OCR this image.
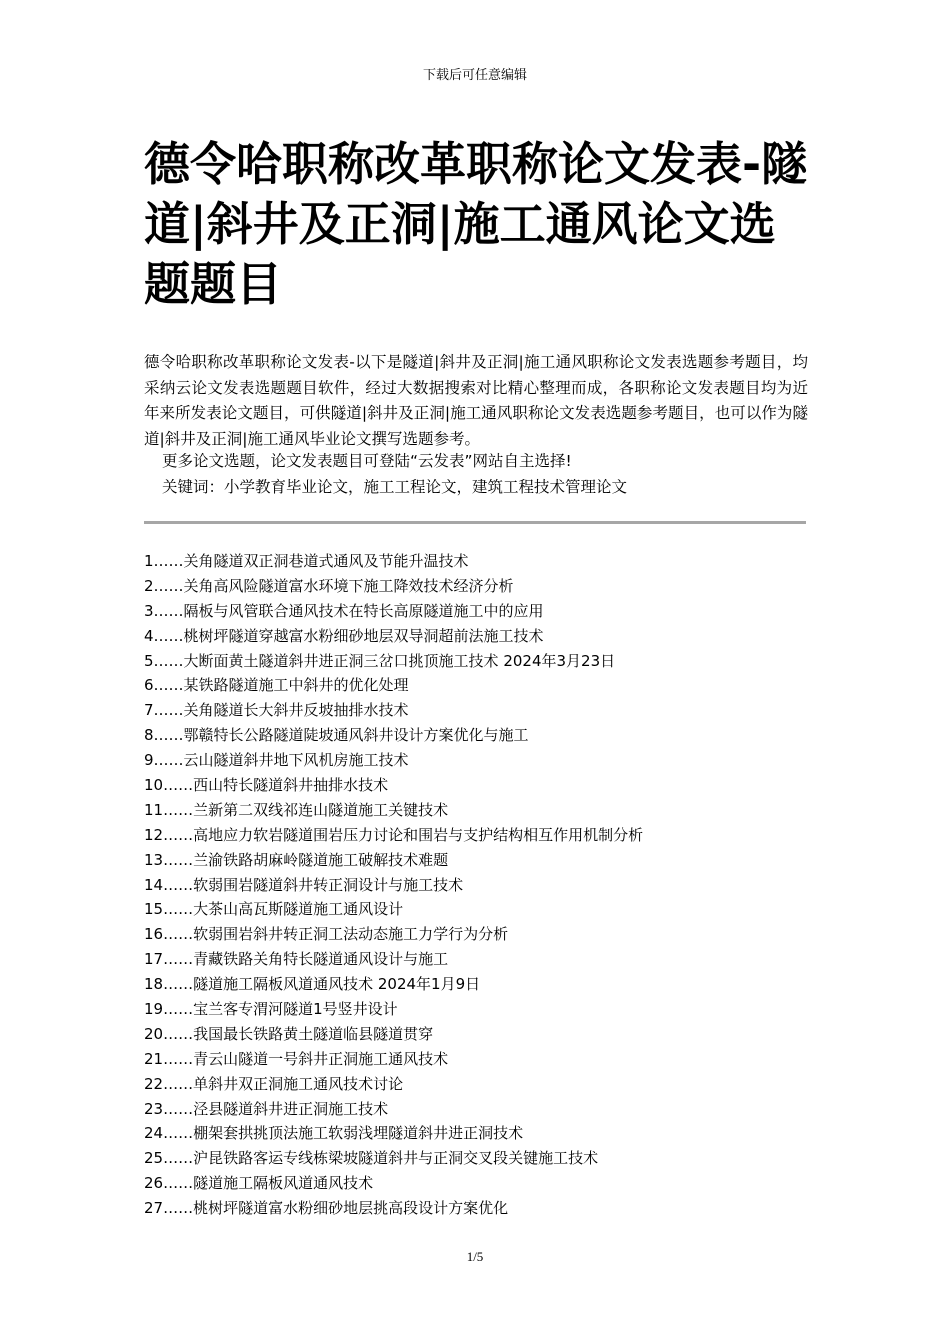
下载后可任意编辑
德令哈职称改革职称论文发表-隧道|斜井及正洞|施工通风论文选题题目

德令哈职称改革职称论文发表-以下是隧道|斜井及正洞|施工通风职称论文发表选题参考题目，均采纳云论文发表选题题目软件，经过大数据搜索对比精心整理而成，各职称论文发表题目均为近年来所发表论文题目，可供隧道|斜井及正洞|施工通风职称论文发表选题参考题目，也可以作为隧道|斜井及正洞|施工通风毕业论文撰写选题参考。

更多论文选题，论文发表题目可登陆“云发表”网站自主选择!
关键词：小学教育毕业论文，施工工程论文，建筑工程技术管理论文
1……关角隧道双正洞巷道式通风及节能升温技术
2……关角高风险隧道富水环境下施工降效技术经济分析
3……隔板与风管联合通风技术在特长高原隧道施工中的应用
4……桃树坪隧道穿越富水粉细砂地层双导洞超前法施工技术
5……大断面黄土隧道斜井进正洞三岔口挑顶施工技术 2024年3月23日
6……某铁路隧道施工中斜井的优化处理
7……关角隧道长大斜井反坡抽排水技术
8……鄂赣特长公路隧道陡坡通风斜井设计方案优化与施工
9……云山隧道斜井地下风机房施工技术
10……西山特长隧道斜井抽排水技术
11……兰新第二双线祁连山隧道施工关键技术
12……高地应力软岩隧道围岩压力讨论和围岩与支护结构相互作用机制分析
13……兰渝铁路胡麻岭隧道施工破解技术难题
14……软弱围岩隧道斜井转正洞设计与施工技术
15……大茶山高瓦斯隧道施工通风设计
16……软弱围岩斜井转正洞工法动态施工力学行为分析
17……青藏铁路关角特长隧道通风设计与施工
18……隧道施工隔板风道通风技术 2024年1月9日
19……宝兰客专渭河隧道1号竖井设计
20……我国最长铁路黄土隧道临县隧道贯穿
21……青云山隧道一号斜井正洞施工通风技术
22……单斜井双正洞施工通风技术讨论
23……泾县隧道斜井进正洞施工技术
24……棚架套拱挑顶法施工软弱浅埋隧道斜井进正洞技术
25……沪昆铁路客运专线栋梁坡隧道斜井与正洞交叉段关键施工技术
26……隧道施工隔板风道通风技术
27……桃树坪隧道富水粉细砂地层挑高段设计方案优化
1/5
